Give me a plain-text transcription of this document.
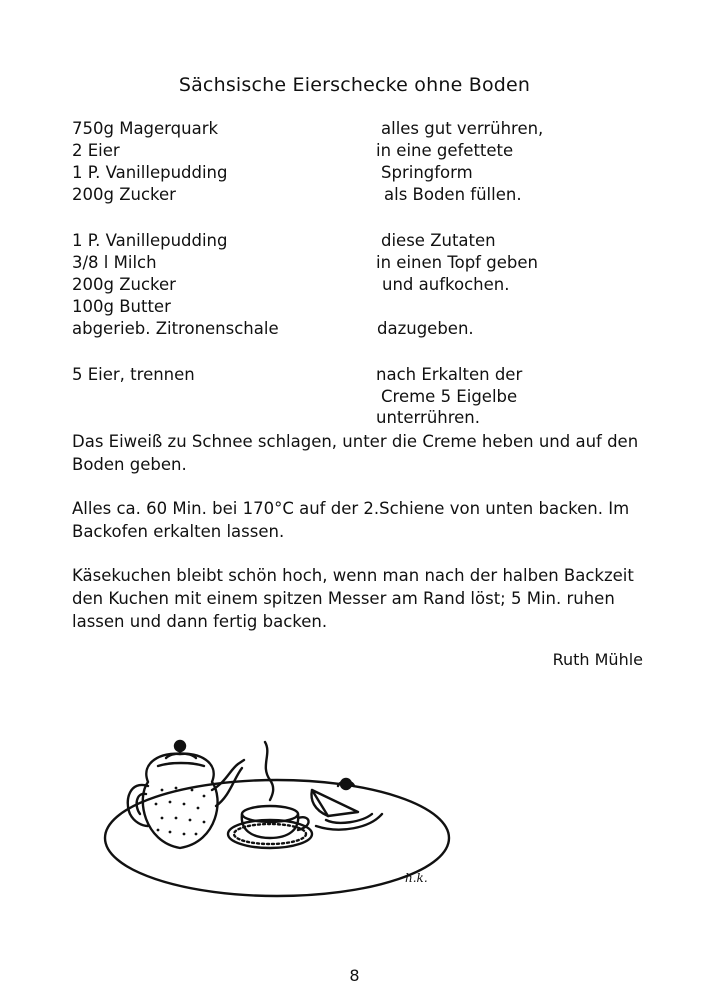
Sächsische Eierschecke ohne Boden
750g Magerquark
2 Eier
1 P. Vanillepudding
200g Zucker
alles gut verrühren,
in eine gefettete
Springform
als Boden füllen.
1 P. Vanillepudding
3/8 l Milch
200g Zucker
100g Butter
abgerieb. Zitronenschale
diese Zutaten
in einen Topf geben
und aufkochen.
dazugeben.
5 Eier, trennen	nach Erkalten der
Creme 5 Eigelbe
unterrühren.
Das Eiweiß zu Schnee schlagen, unter die Creme heben und auf den Boden geben.
Alles ca. 60 Min. bei 170°C auf der 2.Schiene von unten backen. Im Backofen erkalten lassen.
Käsekuchen bleibt schön hoch, wenn man nach der halben Backzeit den Kuchen mit einem spitzen Messer am Rand löst; 5 Min. ruhen lassen und dann fertig backen.
Ruth Mühle
h.k.
8
